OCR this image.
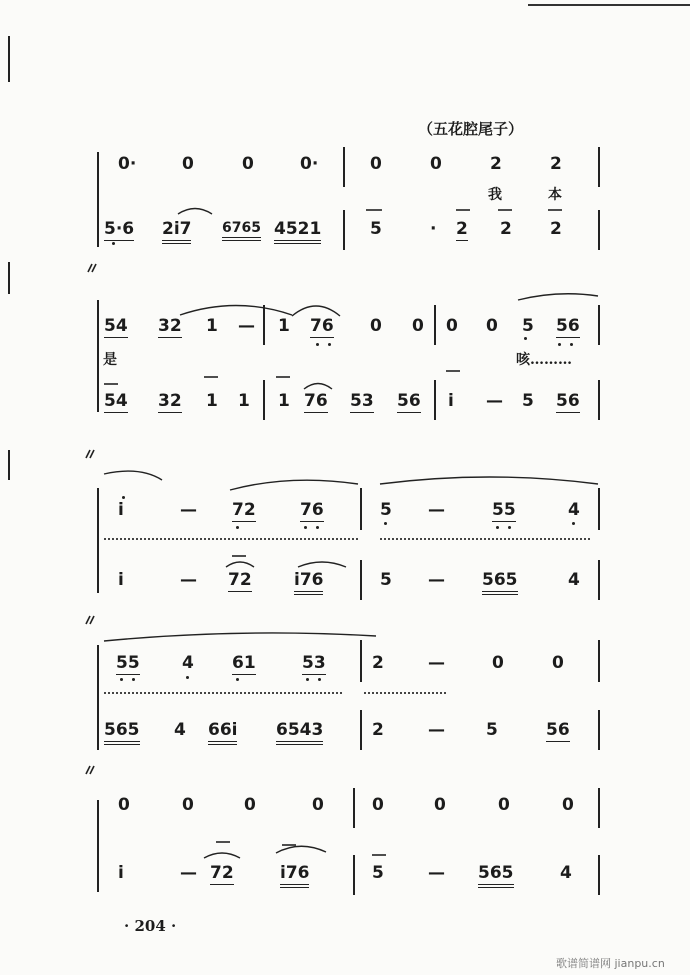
（五花腔尾子）
0·	0	0	0·	0	0	2	2
我	本
5·6 2i7 6765 4521	5	· 2 2 2
54 32 1 — 1 76 0 0 0 0 5 56
是	咳………
54 32 1 1 1 76 53 56 i — 5 56
i	— 72	76	5 —	55	4
i	— 72 i76	5 — 565	4
55 4 61	53	2	—	0	0
565 4 66i 6543	2	— 5	56
0	0	0	0	0	0	0	0
i	— 72	i76	5	— 565	4
· 204 ·
歌谱简谱网 jianpu.cn
